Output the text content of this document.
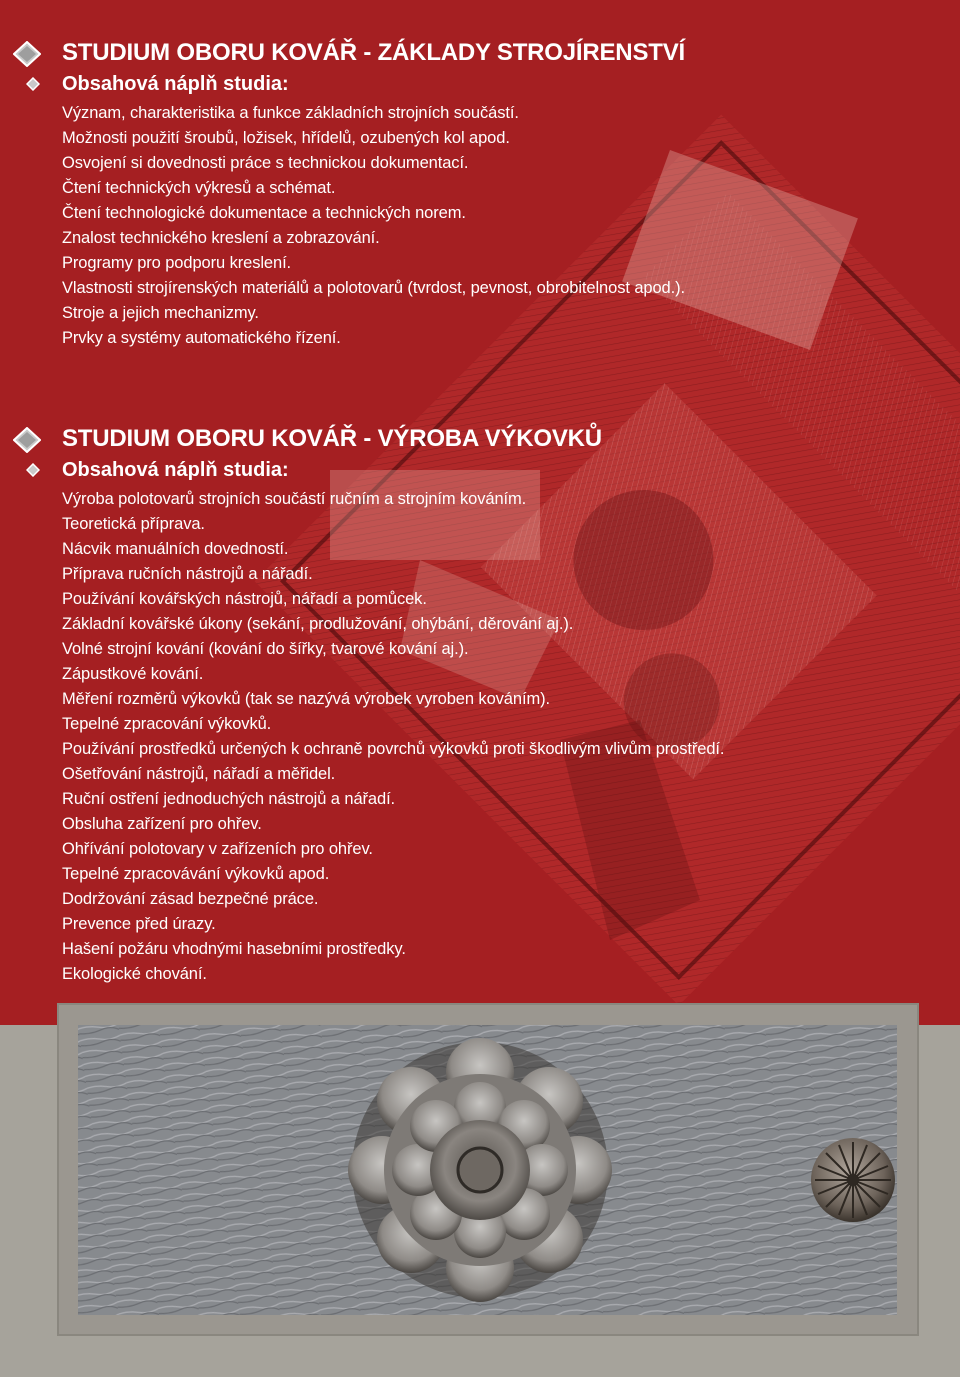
STUDIUM OBORU KOVÁŘ - ZÁKLADY STROJÍRENSTVÍ
Obsahová náplň studia:
Význam, charakteristika a funkce základních strojních součástí.
Možnosti použití šroubů, ložisek, hřídelů, ozubených kol apod.
Osvojení si dovednosti práce s technickou dokumentací.
Čtení technických výkresů a schémat.
Čtení technologické dokumentace a technických norem.
Znalost technického kreslení a zobrazování.
Programy pro podporu kreslení.
Vlastnosti strojírenských materiálů a polotovarů (tvrdost, pevnost, obrobitelnost apod.).
Stroje a jejich mechanizmy.
Prvky a systémy automatického řízení.
STUDIUM OBORU KOVÁŘ - VÝROBA VÝKOVKŮ
Obsahová náplň studia:
Výroba polotovarů strojních součástí ručním a strojním kováním.
Teoretická příprava.
Nácvik manuálních dovedností.
Příprava ručních nástrojů a nářadí.
Používání kovářských nástrojů, nářadí a pomůcek.
Základní kovářské úkony (sekání, prodlužování, ohýbání, děrování aj.).
Volné strojní kování (kování do šířky, tvarové kování aj.).
Zápustkové kování.
Měření rozměrů výkovků (tak se nazývá výrobek vyroben kováním).
Tepelné zpracování výkovků.
Používání prostředků určených k ochraně povrchů výkovků proti škodlivým vlivům prostředí.
Ošetřování nástrojů, nářadí a měřidel.
Ruční ostření jednoduchých nástrojů a nářadí.
Obsluha zařízení pro ohřev.
Ohřívání polotovary v zařízeních pro ohřev.
Tepelné zpracovávání výkovků apod.
Dodržování zásad bezpečné práce.
Prevence před úrazy.
Hašení požáru vhodnými hasebními prostředky.
Ekologické chování.
